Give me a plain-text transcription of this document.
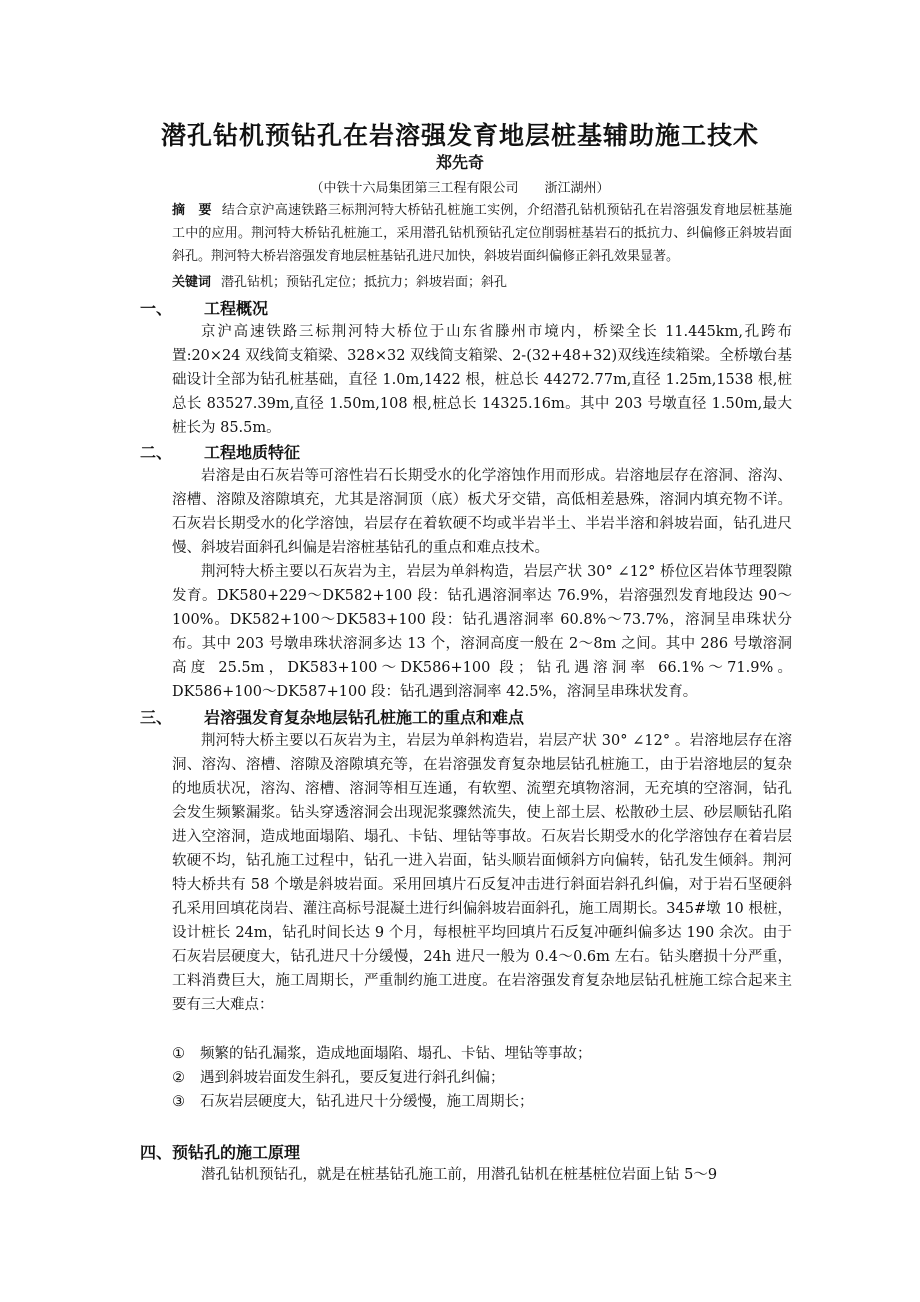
潜孔钻机预钻孔在岩溶强发育地层桩基辅助施工技术
郑先奇
（中铁十六局集团第三工程有限公司　　浙江湖州）
摘　要 结合京沪高速铁路三标荆河特大桥钻孔桩施工实例，介绍潜孔钻机预钻孔在岩溶强发育地层桩基施工中的应用。荆河特大桥钻孔桩施工，采用潜孔钻机预钻孔定位削弱桩基岩石的抵抗力、纠偏修正斜坡岩面斜孔。荆河特大桥岩溶强发育地层桩基钻孔进尺加快，斜坡岩面纠偏修正斜孔效果显著。
关键词 潜孔钻机；预钻孔定位；抵抗力；斜坡岩面；斜孔
一、 工程概况

京沪高速铁路三标荆河特大桥位于山东省滕州市境内，桥梁全长 11.445km,孔跨布置:20×24 双线简支箱梁、328×32 双线简支箱梁、2-(32+48+32)双线连续箱梁。全桥墩台基础设计全部为钻孔桩基础，直径 1.0m,1422 根，桩总长 44272.77m,直径 1.25m,1538 根,桩总长 83527.39m,直径 1.50m,108 根,桩总长 14325.16m。其中 203 号墩直径 1.50m,最大桩长为 85.5m。

二、 工程地质特征

岩溶是由石灰岩等可溶性岩石长期受水的化学溶蚀作用而形成。岩溶地层存在溶洞、溶沟、溶槽、溶隙及溶隙填充，尤其是溶洞顶（底）板犬牙交错，高低相差悬殊，溶洞内填充物不详。石灰岩长期受水的化学溶蚀，岩层存在着软硬不均或半岩半土、半岩半溶和斜坡岩面，钻孔进尺慢、斜坡岩面斜孔纠偏是岩溶桩基钻孔的重点和难点技术。

荆河特大桥主要以石灰岩为主，岩层为单斜构造，岩层产状 30° ∠12° 桥位区岩体节理裂隙发育。DK580+229～DK582+100 段：钻孔遇溶洞率达 76.9%，岩溶强烈发育地段达 90～100%。DK582+100～DK583+100 段：钻孔遇溶洞率 60.8%～73.7%，溶洞呈串珠状分布。其中 203 号墩串珠状溶洞多达 13 个，溶洞高度一般在 2～8m 之间。其中 286 号墩溶洞高度 25.5m，DK583+100～DK586+100 段；钻孔遇溶洞率 66.1%～71.9%。DK586+100～DK587+100 段：钻孔遇到溶洞率 42.5%，溶洞呈串珠状发育。

三、 岩溶强发育复杂地层钻孔桩施工的重点和难点

荆河特大桥主要以石灰岩为主，岩层为单斜构造岩，岩层产状 30° ∠12° 。岩溶地层存在溶洞、溶沟、溶槽、溶隙及溶隙填充等，在岩溶强发育复杂地层钻孔桩施工，由于岩溶地层的复杂的地质状况，溶沟、溶槽、溶洞等相互连通，有软塑、流塑充填物溶洞，无充填的空溶洞，钻孔会发生频繁漏浆。钻头穿透溶洞会出现泥浆骤然流失，使上部土层、松散砂土层、砂层顺钻孔陷进入空溶洞，造成地面塌陷、塌孔、卡钻、埋钻等事故。石灰岩长期受水的化学溶蚀存在着岩层软硬不均，钻孔施工过程中，钻孔一进入岩面，钻头顺岩面倾斜方向偏转，钻孔发生倾斜。荆河特大桥共有 58 个墩是斜坡岩面。采用回填片石反复冲击进行斜面岩斜孔纠偏，对于岩石坚硬斜孔采用回填花岗岩、灌注高标号混凝土进行纠偏斜坡岩面斜孔，施工周期长。345#墩 10 根桩，设计桩长 24m，钻孔时间长达 9 个月，每根桩平均回填片石反复冲砸纠偏多达 190 余次。由于石灰岩层硬度大，钻孔进尺十分缓慢，24h 进尺一般为 0.4～0.6m 左右。钻头磨损十分严重，工料消费巨大，施工周期长，严重制约施工进度。在岩溶强发育复杂地层钻孔桩施工综合起来主要有三大难点：

① 频繁的钻孔漏浆，造成地面塌陷、塌孔、卡钻、埋钻等事故；
② 遇到斜坡岩面发生斜孔，要反复进行斜孔纠偏；
③ 石灰岩层硬度大，钻孔进尺十分缓慢，施工周期长；
四、预钻孔的施工原理

潜孔钻机预钻孔，就是在桩基钻孔施工前，用潜孔钻机在桩基桩位岩面上钻 5～9
